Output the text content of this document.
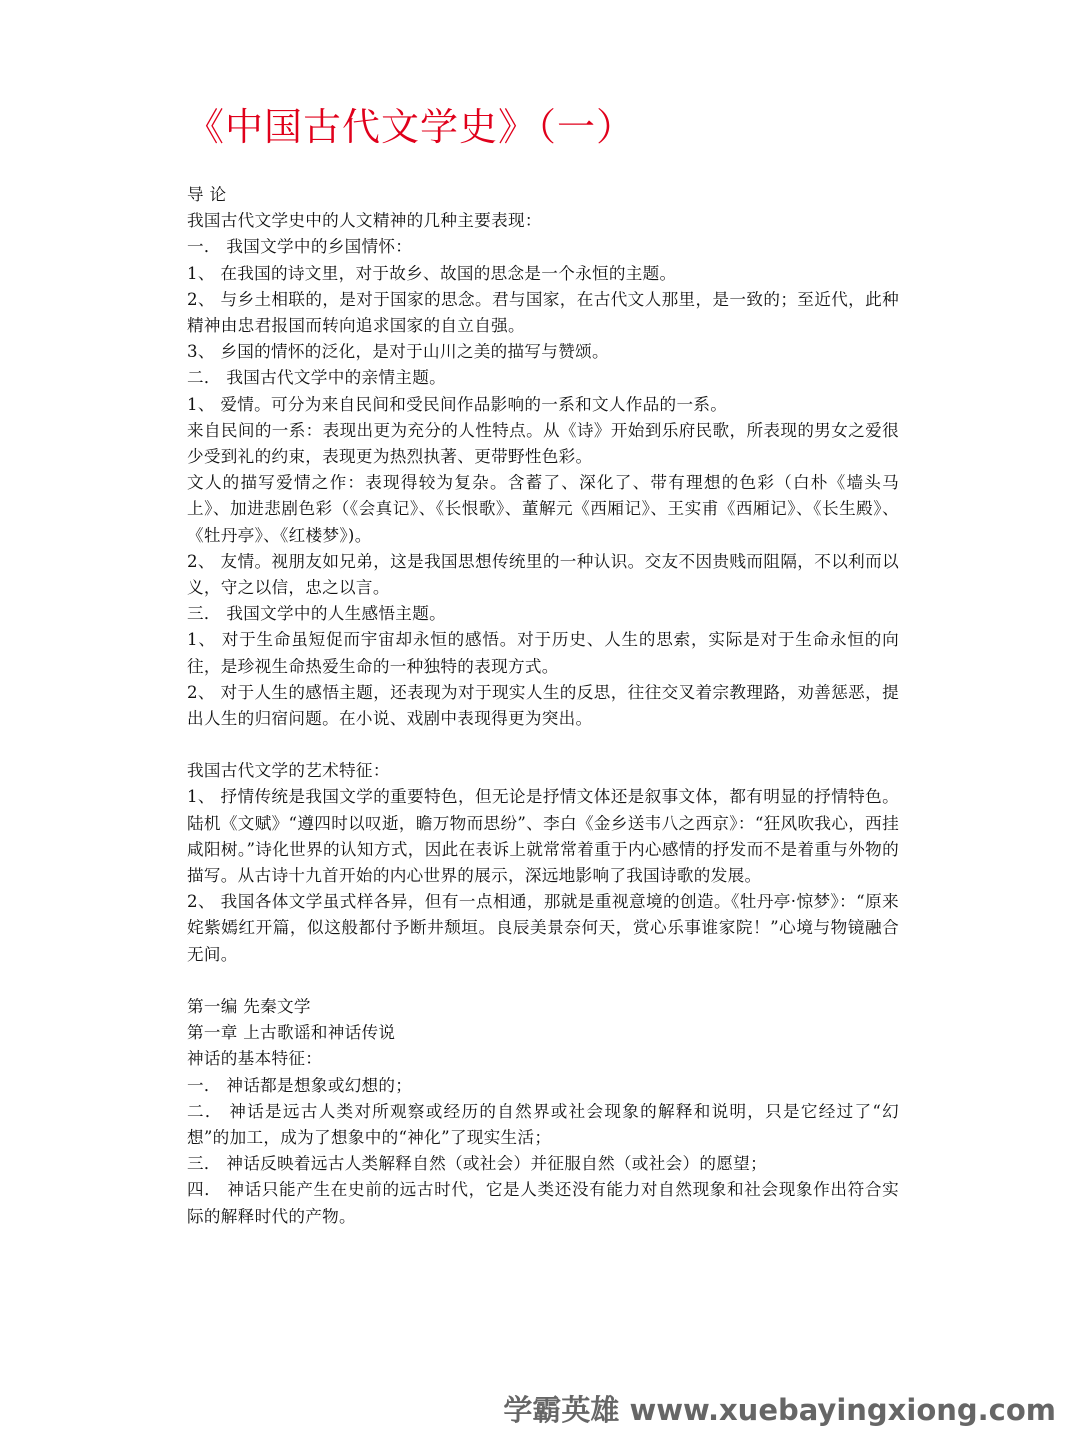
《中国古代文学史》（一）

导 论

我国古代文学史中的人文精神的几种主要表现：

一． 我国文学中的乡国情怀：

1、 在我国的诗文里，对于故乡、故国的思念是一个永恒的主题。

2、 与乡土相联的，是对于国家的思念。君与国家，在古代文人那里，是一致的；至近代，此种精神由忠君报国而转向追求国家的自立自强。

3、 乡国的情怀的泛化，是对于山川之美的描写与赞颂。

二． 我国古代文学中的亲情主题。

1、 爱情。可分为来自民间和受民间作品影响的一系和文人作品的一系。

来自民间的一系：表现出更为充分的人性特点。从《诗》开始到乐府民歌，所表现的男女之爱很少受到礼的约束，表现更为热烈执著、更带野性色彩。

文人的描写爱情之作：表现得较为复杂。含蓄了、深化了、带有理想的色彩（白朴《墙头马上》、加进悲剧色彩（《会真记》、《长恨歌》、董解元《西厢记》、王实甫《西厢记》、《长生殿》、《牡丹亭》、《红楼梦》)。

2、 友情。视朋友如兄弟，这是我国思想传统里的一种认识。交友不因贵贱而阻隔，不以利而以义，守之以信，忠之以言。

三． 我国文学中的人生感悟主题。

1、 对于生命虽短促而宇宙却永恒的感悟。对于历史、人生的思索，实际是对于生命永恒的向往，是珍视生命热爱生命的一种独特的表现方式。

2、 对于人生的感悟主题，还表现为对于现实人生的反思，往往交叉着宗教理路，劝善惩恶，提出人生的归宿问题。在小说、戏剧中表现得更为突出。

我国古代文学的艺术特征：

1、 抒情传统是我国文学的重要特色，但无论是抒情文体还是叙事文体，都有明显的抒情特色。陆机《文赋》“遵四时以叹逝，瞻万物而思纷”、李白《金乡送韦八之西京》：“狂风吹我心，西挂咸阳树。”诗化世界的认知方式，因此在表诉上就常常着重于内心感情的抒发而不是着重与外物的描写。从古诗十九首开始的内心世界的展示，深远地影响了我国诗歌的发展。

2、 我国各体文学虽式样各异，但有一点相通，那就是重视意境的创造。《牡丹亭·惊梦》：“原来姹紫嫣红开篇，似这般都付予断井颓垣。良辰美景奈何天，赏心乐事谁家院！”心境与物镜融合无间。

第一编 先秦文学

第一章 上古歌谣和神话传说

神话的基本特征：

一． 神话都是想象或幻想的；

二． 神话是远古人类对所观察或经历的自然界或社会现象的解释和说明，只是它经过了“幻想”的加工，成为了想象中的“神化”了现实生活；

三． 神话反映着远古人类解释自然（或社会）并征服自然（或社会）的愿望；

四． 神话只能产生在史前的远古时代，它是人类还没有能力对自然现象和社会现象作出符合实际的解释时代的产物。

学霸英雄 www.xuebayingxiong.com
